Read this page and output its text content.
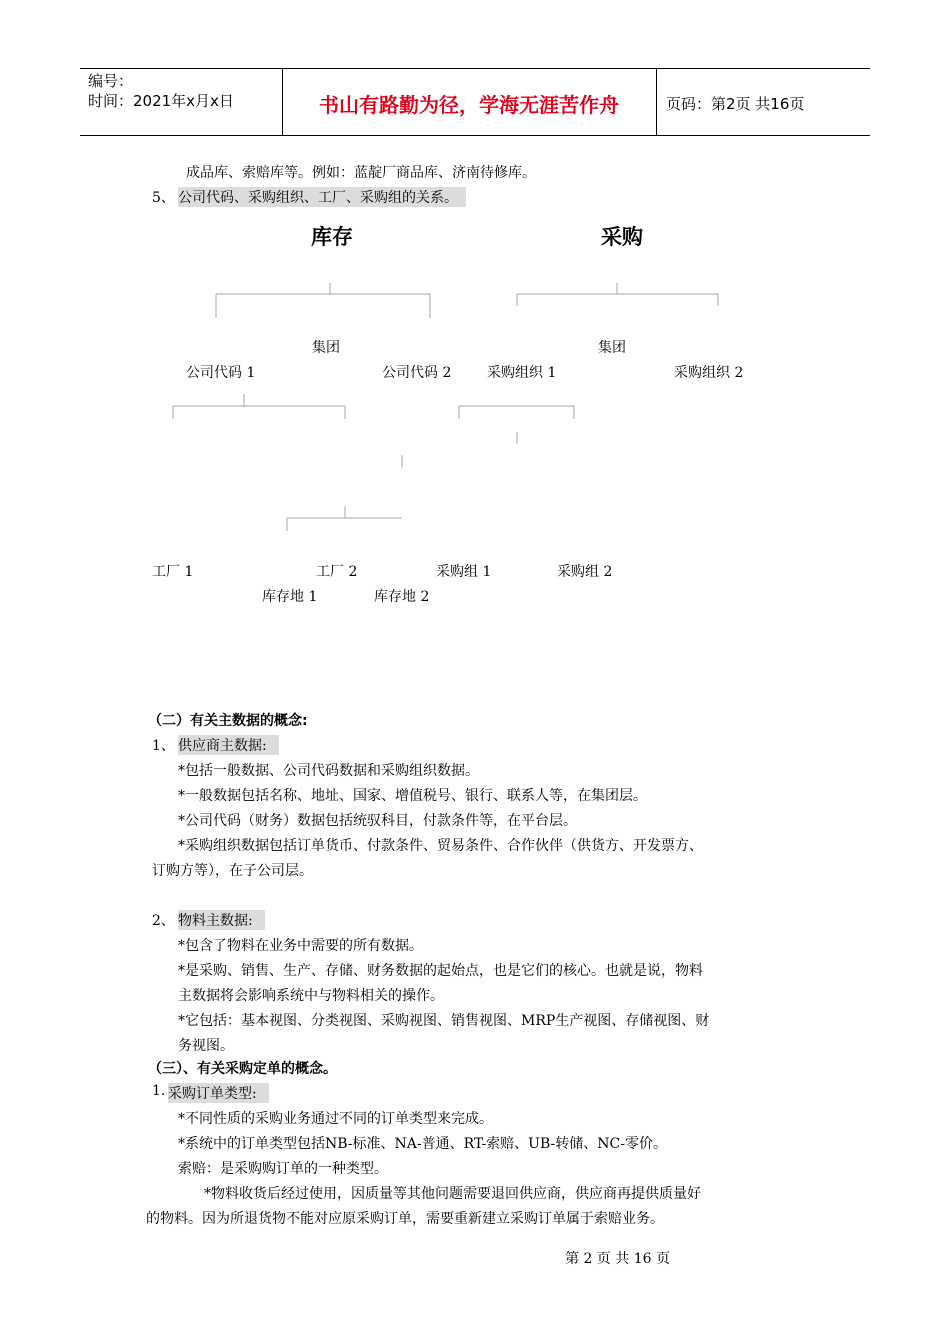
编号：
时间：2021年x月x日	书山有路勤为径，学海无涯苦作舟	页码：第2页 共16页
成品库、索赔库等。例如：蓝靛厂商品库、济南待修库。
5、 公司代码、采购组织、工厂、采购组的关系。
库存	采购
集团	集团
公司代码 1	公司代码 2	采购组织 1	采购组织 2
工厂 1	工厂 2	采购组 1	采购组 2
库存地 1	库存地 2
（二）有关主数据的概念:
1、 供应商主数据:
*包括一般数据、公司代码数据和采购组织数据。
*一般数据包括名称、地址、国家、增值税号、银行、联系人等，在集团层。
*公司代码（财务）数据包括统驭科目，付款条件等，在平台层。
*采购组织数据包括订单货币、付款条件、贸易条件、合作伙伴（供货方、开发票方、
订购方等），在子公司层。
2、 物料主数据:
*包含了物料在业务中需要的所有数据。
*是采购、销售、生产、存储、财务数据的起始点，也是它们的核心。也就是说，物料
主数据将会影响系统中与物料相关的操作。
*它包括：基本视图、分类视图、采购视图、销售视图、MRP生产视图、存储视图、财
务视图。
（三）、有关采购定单的概念。
1. 采购订单类型:
*不同性质的采购业务通过不同的订单类型来完成。
*系统中的订单类型包括NB-标准、NA-普通、RT-索赔、UB-转储、NC-零价。
索赔：是采购购订单的一种类型。
*物料收货后经过使用，因质量等其他问题需要退回供应商，供应商再提供质量好
的物料。因为所退货物不能对应原采购订单，需要重新建立采购订单属于索赔业务。
第 2 页 共 16 页
